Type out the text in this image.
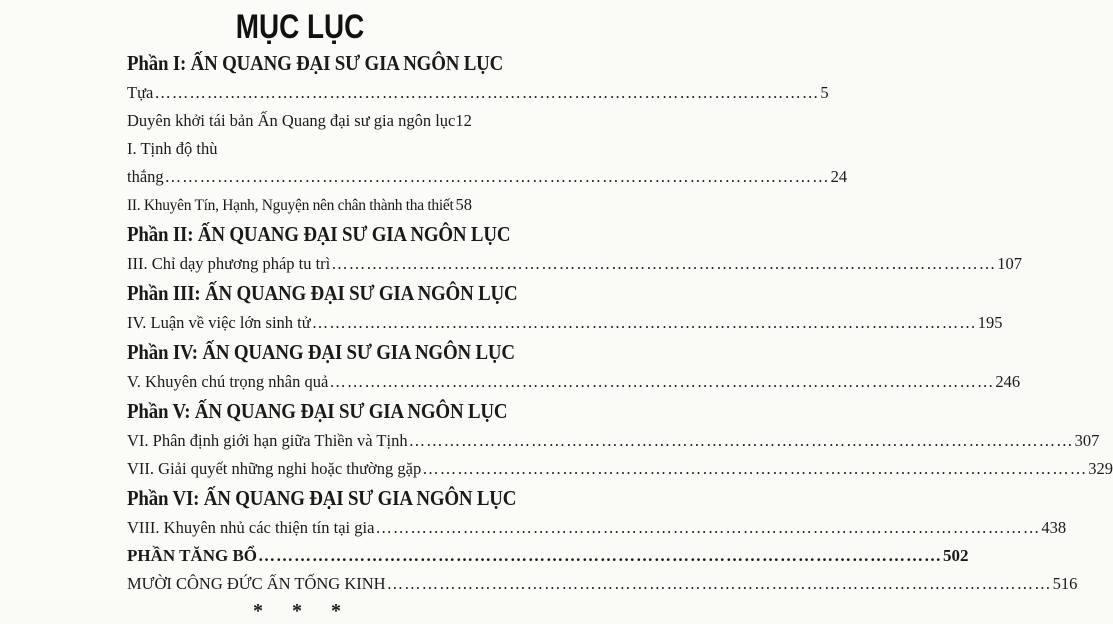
MỤC LỤC
Phần I: ẤN QUANG ĐẠI SƯ GIA NGÔN LỤC
Tựa ……………………………………………………………………………………………………	5
Duyên khởi tái bản Ấn Quang đại sư gia ngôn lục 12
I. Tịnh độ thù
thắng ……………………………………………………………………………………………………	24
II. Khuyên Tín, Hạnh, Nguyện nên chân thành tha thiết 58
Phần II: ẤN QUANG ĐẠI SƯ GIA NGÔN LỤC
III. Chỉ dạy phương pháp tu trì ……………………………………………………………………………………………………	107
Phần III: ẤN QUANG ĐẠI SƯ GIA NGÔN LỤC
IV. Luận về việc lớn sinh tử ……………………………………………………………………………………………………	195
Phần IV: ẤN QUANG ĐẠI SƯ GIA NGÔN LỤC
V. Khuyên chú trọng nhân quả ……………………………………………………………………………………………………	246
Phần V: ẤN QUANG ĐẠI SƯ GIA NGÔN LỤC
VI. Phân định giới hạn giữa Thiền và Tịnh ……………………………………………………………………………………………………	307
VII. Giải quyết những nghi hoặc thường gặp ……………………………………………………………………………………………………	329
Phần VI: ẤN QUANG ĐẠI SƯ GIA NGÔN LỤC
VIII. Khuyên nhủ các thiện tín tại gia ……………………………………………………………………………………………………	438
PHẦN TĂNG BỔ ……………………………………………………………………………………………………	502
MƯỜI CÔNG ĐỨC ẤN TỐNG KINH ……………………………………………………………………………………………………	516
* * *
